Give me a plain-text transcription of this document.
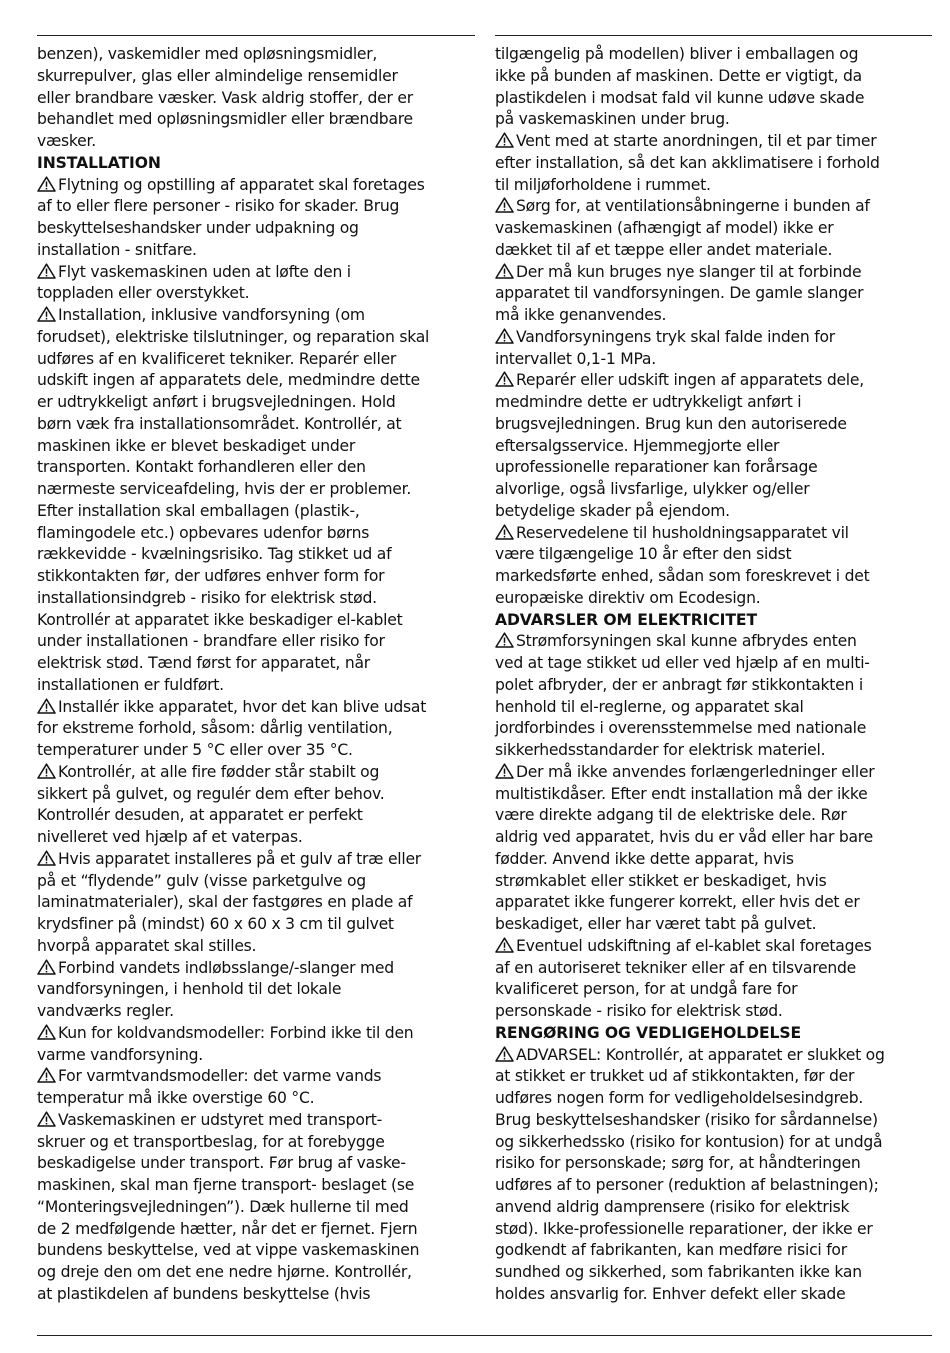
benzen), vaskemidler med opløsningsmidler,
skurrepulver, glas eller almindelige rensemidler
eller brandbare væsker. Vask aldrig stoffer, der er
behandlet med opløsningsmidler eller brændbare
væsker.
INSTALLATION
Flytning og opstilling af apparatet skal foretages
af to eller flere personer - risiko for skader. Brug
beskyttelseshandsker under udpakning og
installation - snitfare.
Flyt vaskemaskinen uden at løfte den i
toppladen eller overstykket.
Installation, inklusive vandforsyning (om
forudset), elektriske tilslutninger, og reparation skal
udføres af en kvalificeret tekniker. Reparér eller
udskift ingen af apparatets dele, medmindre dette
er udtrykkeligt anført i brugsvejledningen. Hold
børn væk fra installationsområdet. Kontrollér, at
maskinen ikke er blevet beskadiget under
transporten. Kontakt forhandleren eller den
nærmeste serviceafdeling, hvis der er problemer.
Efter installation skal emballagen (plastik-,
flamingodele etc.) opbevares udenfor børns
rækkevidde - kvælningsrisiko. Tag stikket ud af
stikkontakten før, der udføres enhver form for
installationsindgreb - risiko for elektrisk stød.
Kontrollér at apparatet ikke beskadiger el-kablet
under installationen - brandfare eller risiko for
elektrisk stød. Tænd først for apparatet, når
installationen er fuldført.
Installér ikke apparatet, hvor det kan blive udsat
for ekstreme forhold, såsom: dårlig ventilation,
temperaturer under 5 °C eller over 35 °C.
Kontrollér, at alle fire fødder står stabilt og
sikkert på gulvet, og regulér dem efter behov.
Kontrollér desuden, at apparatet er perfekt
nivelleret ved hjælp af et vaterpas.
Hvis apparatet installeres på et gulv af træ eller
på et “flydende” gulv (visse parketgulve og
laminatmaterialer), skal der fastgøres en plade af
krydsfiner på (mindst) 60 x 60 x 3 cm til gulvet
hvorpå apparatet skal stilles.
Forbind vandets indløbsslange/-slanger med
vandforsyningen, i henhold til det lokale
vandværks regler.
Kun for koldvandsmodeller: Forbind ikke til den
varme vandforsyning.
For varmtvandsmodeller: det varme vands
temperatur må ikke overstige 60 °C.
Vaskemaskinen er udstyret med transport-
skruer og et transportbeslag, for at forebygge
beskadigelse under transport. Før brug af vaske-
maskinen, skal man fjerne transport- beslaget (se
“Monteringsvejledningen”). Dæk hullerne til med
de 2 medfølgende hætter, når det er fjernet. Fjern
bundens beskyttelse, ved at vippe vaskemaskinen
og dreje den om det ene nedre hjørne. Kontrollér,
at plastikdelen af bundens beskyttelse (hvis
tilgængelig på modellen) bliver i emballagen og
ikke på bunden af maskinen. Dette er vigtigt, da
plastikdelen i modsat fald vil kunne udøve skade
på vaskemaskinen under brug.
Vent med at starte anordningen, til et par timer
efter installation, så det kan akklimatisere i forhold
til miljøforholdene i rummet.
Sørg for, at ventilationsåbningerne i bunden af
vaskemaskinen (afhængigt af model) ikke er
dækket til af et tæppe eller andet materiale.
Der må kun bruges nye slanger til at forbinde
apparatet til vandforsyningen. De gamle slanger
må ikke genanvendes.
Vandforsyningens tryk skal falde inden for
intervallet 0,1-1 MPa.
Reparér eller udskift ingen af apparatets dele,
medmindre dette er udtrykkeligt anført i
brugsvejledningen. Brug kun den autoriserede
eftersalgsservice. Hjemmegjorte eller
uprofessionelle reparationer kan forårsage
alvorlige, også livsfarlige, ulykker og/eller
betydelige skader på ejendom.
Reservedelene til husholdningsapparatet vil
være tilgængelige 10 år efter den sidst
markedsførte enhed, sådan som foreskrevet i det
europæiske direktiv om Ecodesign.
ADVARSLER OM ELEKTRICITET
Strømforsyningen skal kunne afbrydes enten
ved at tage stikket ud eller ved hjælp af en multi-
polet afbryder, der er anbragt før stikkontakten i
henhold til el-reglerne, og apparatet skal
jordforbindes i overensstemmelse med nationale
sikkerhedsstandarder for elektrisk materiel.
Der må ikke anvendes forlængerledninger eller
multistikdåser. Efter endt installation må der ikke
være direkte adgang til de elektriske dele. Rør
aldrig ved apparatet, hvis du er våd eller har bare
fødder. Anvend ikke dette apparat, hvis
strømkablet eller stikket er beskadiget, hvis
apparatet ikke fungerer korrekt, eller hvis det er
beskadiget, eller har været tabt på gulvet.
Eventuel udskiftning af el-kablet skal foretages
af en autoriseret tekniker eller af en tilsvarende
kvalificeret person, for at undgå fare for
personskade - risiko for elektrisk stød.
RENGØRING OG VEDLIGEHOLDELSE
ADVARSEL: Kontrollér, at apparatet er slukket og
at stikket er trukket ud af stikkontakten, før der
udføres nogen form for vedligeholdelsesindgreb.
Brug beskyttelseshandsker (risiko for sårdannelse)
og sikkerhedssko (risiko for kontusion) for at undgå
risiko for personskade; sørg for, at håndteringen
udføres af to personer (reduktion af belastningen);
anvend aldrig damprensere (risiko for elektrisk
stød). Ikke-professionelle reparationer, der ikke er
godkendt af fabrikanten, kan medføre risici for
sundhed og sikkerhed, som fabrikanten ikke kan
holdes ansvarlig for. Enhver defekt eller skade
